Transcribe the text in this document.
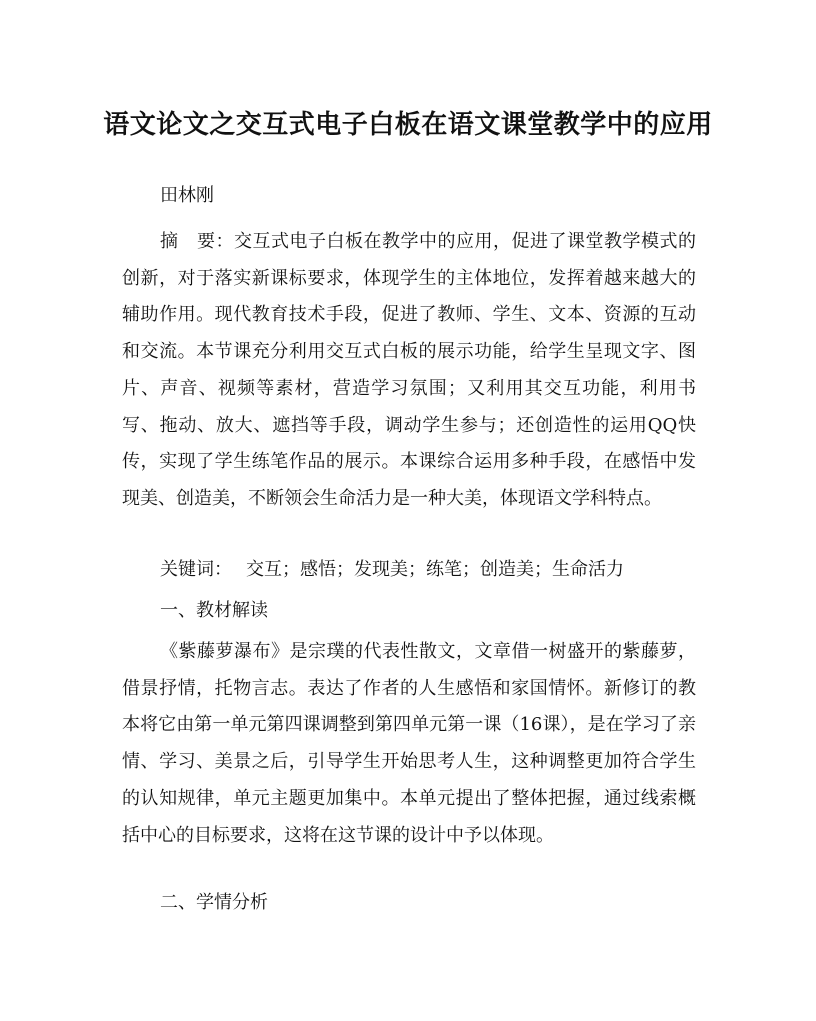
语文论文之交互式电子白板在语文课堂教学中的应用

田林刚

摘　要：交互式电子白板在教学中的应用，促进了课堂教学模式的创新，对于落实新课标要求，体现学生的主体地位，发挥着越来越大的辅助作用。现代教育技术手段，促进了教师、学生、文本、资源的互动和交流。本节课充分利用交互式白板的展示功能，给学生呈现文字、图片、声音、视频等素材，营造学习氛围；又利用其交互功能，利用书写、拖动、放大、遮挡等手段，调动学生参与；还创造性的运用QQ快传，实现了学生练笔作品的展示。本课综合运用多种手段，在感悟中发现美、创造美，不断领会生命活力是一种大美，体现语文学科特点。

关键词： 交互；感悟；发现美；练笔；创造美；生命活力

一、教材解读

《紫藤萝瀑布》是宗璞的代表性散文，文章借一树盛开的紫藤萝，借景抒情，托物言志。表达了作者的人生感悟和家国情怀。新修订的教本将它由第一单元第四课调整到第四单元第一课（16课），是在学习了亲情、学习、美景之后，引导学生开始思考人生，这种调整更加符合学生的认知规律，单元主题更加集中。本单元提出了整体把握，通过线索概括中心的目标要求，这将在这节课的设计中予以体现。

二、学情分析
